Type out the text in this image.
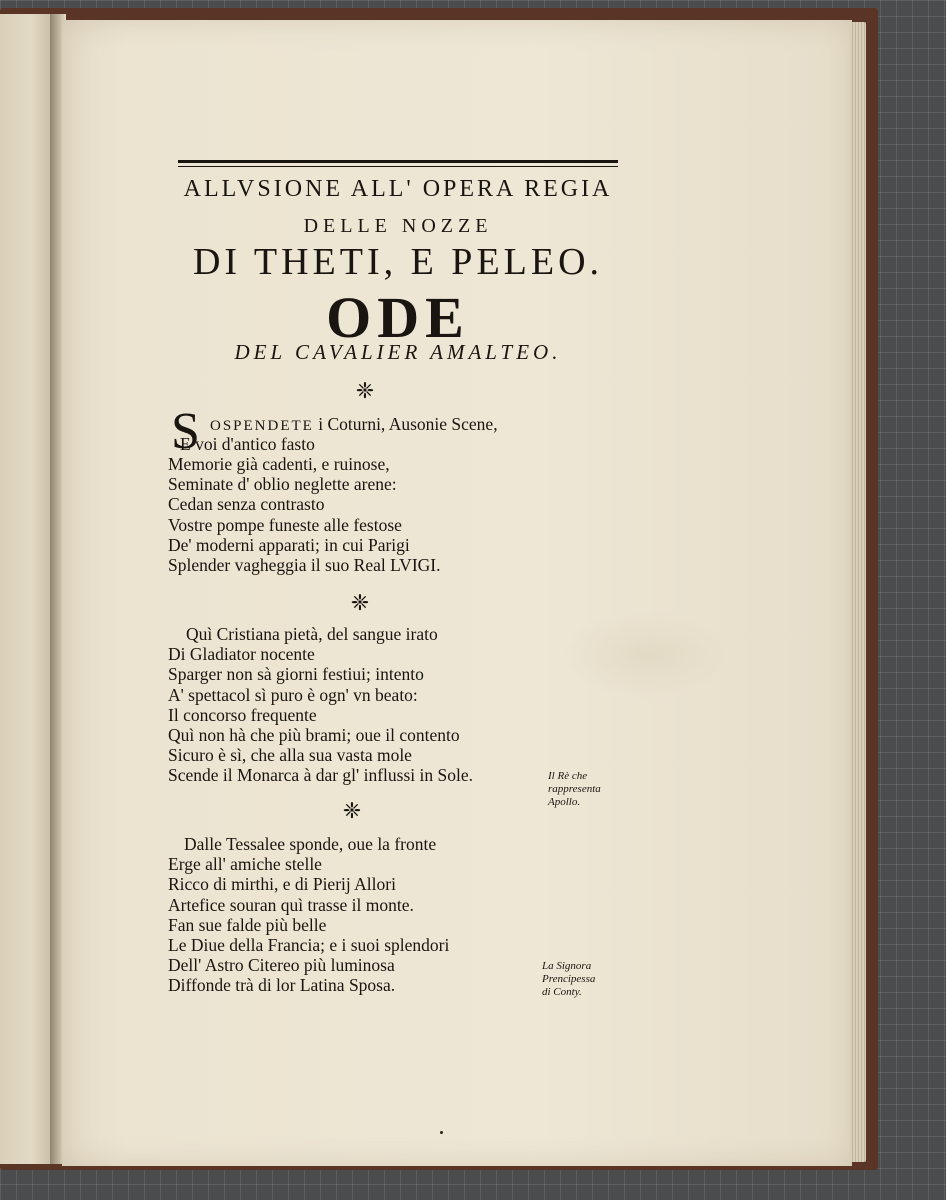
ALLVSIONE ALL' OPERA REGIA
DELLE NOZZE
DI THETI, E PELEO.
ODE
DEL CAVALIER AMALTEO.
❈
S OSPENDETE i Coturni, Ausonie Scene,
E voi d'antico fasto
Memorie già cadenti, e ruinose,
Seminate d' oblio neglette arene:
Cedan senza contrasto
Vostre pompe funeste alle festose
De' moderni apparati; in cui Parigi
Splender vagheggia il suo Real LVIGI.
❈
Quì Cristiana pietà, del sangue irato
Di Gladiator nocente
Sparger non sà giorni festiui; intento
A' spettacol sì puro è ogn' vn beato:
Il concorso frequente
Quì non hà che più brami; oue il contento
Sicuro è sì, che alla sua vasta mole
Scende il Monarca à dar gl' influssi in Sole.	Il Rè che
rappresenta
Apollo.
❈
Dalle Tessalee sponde, oue la fronte
Erge all' amiche stelle
Ricco di mirthi, e di Pierij Allori
Artefice souran quì trasse il monte.
Fan sue falde più belle
Le Diue della Francia; e i suoi splendori
Dell' Astro Citereo più luminosa
Diffonde trà di lor Latina Sposa.
La Signora
Prencipessa
di Conty.
